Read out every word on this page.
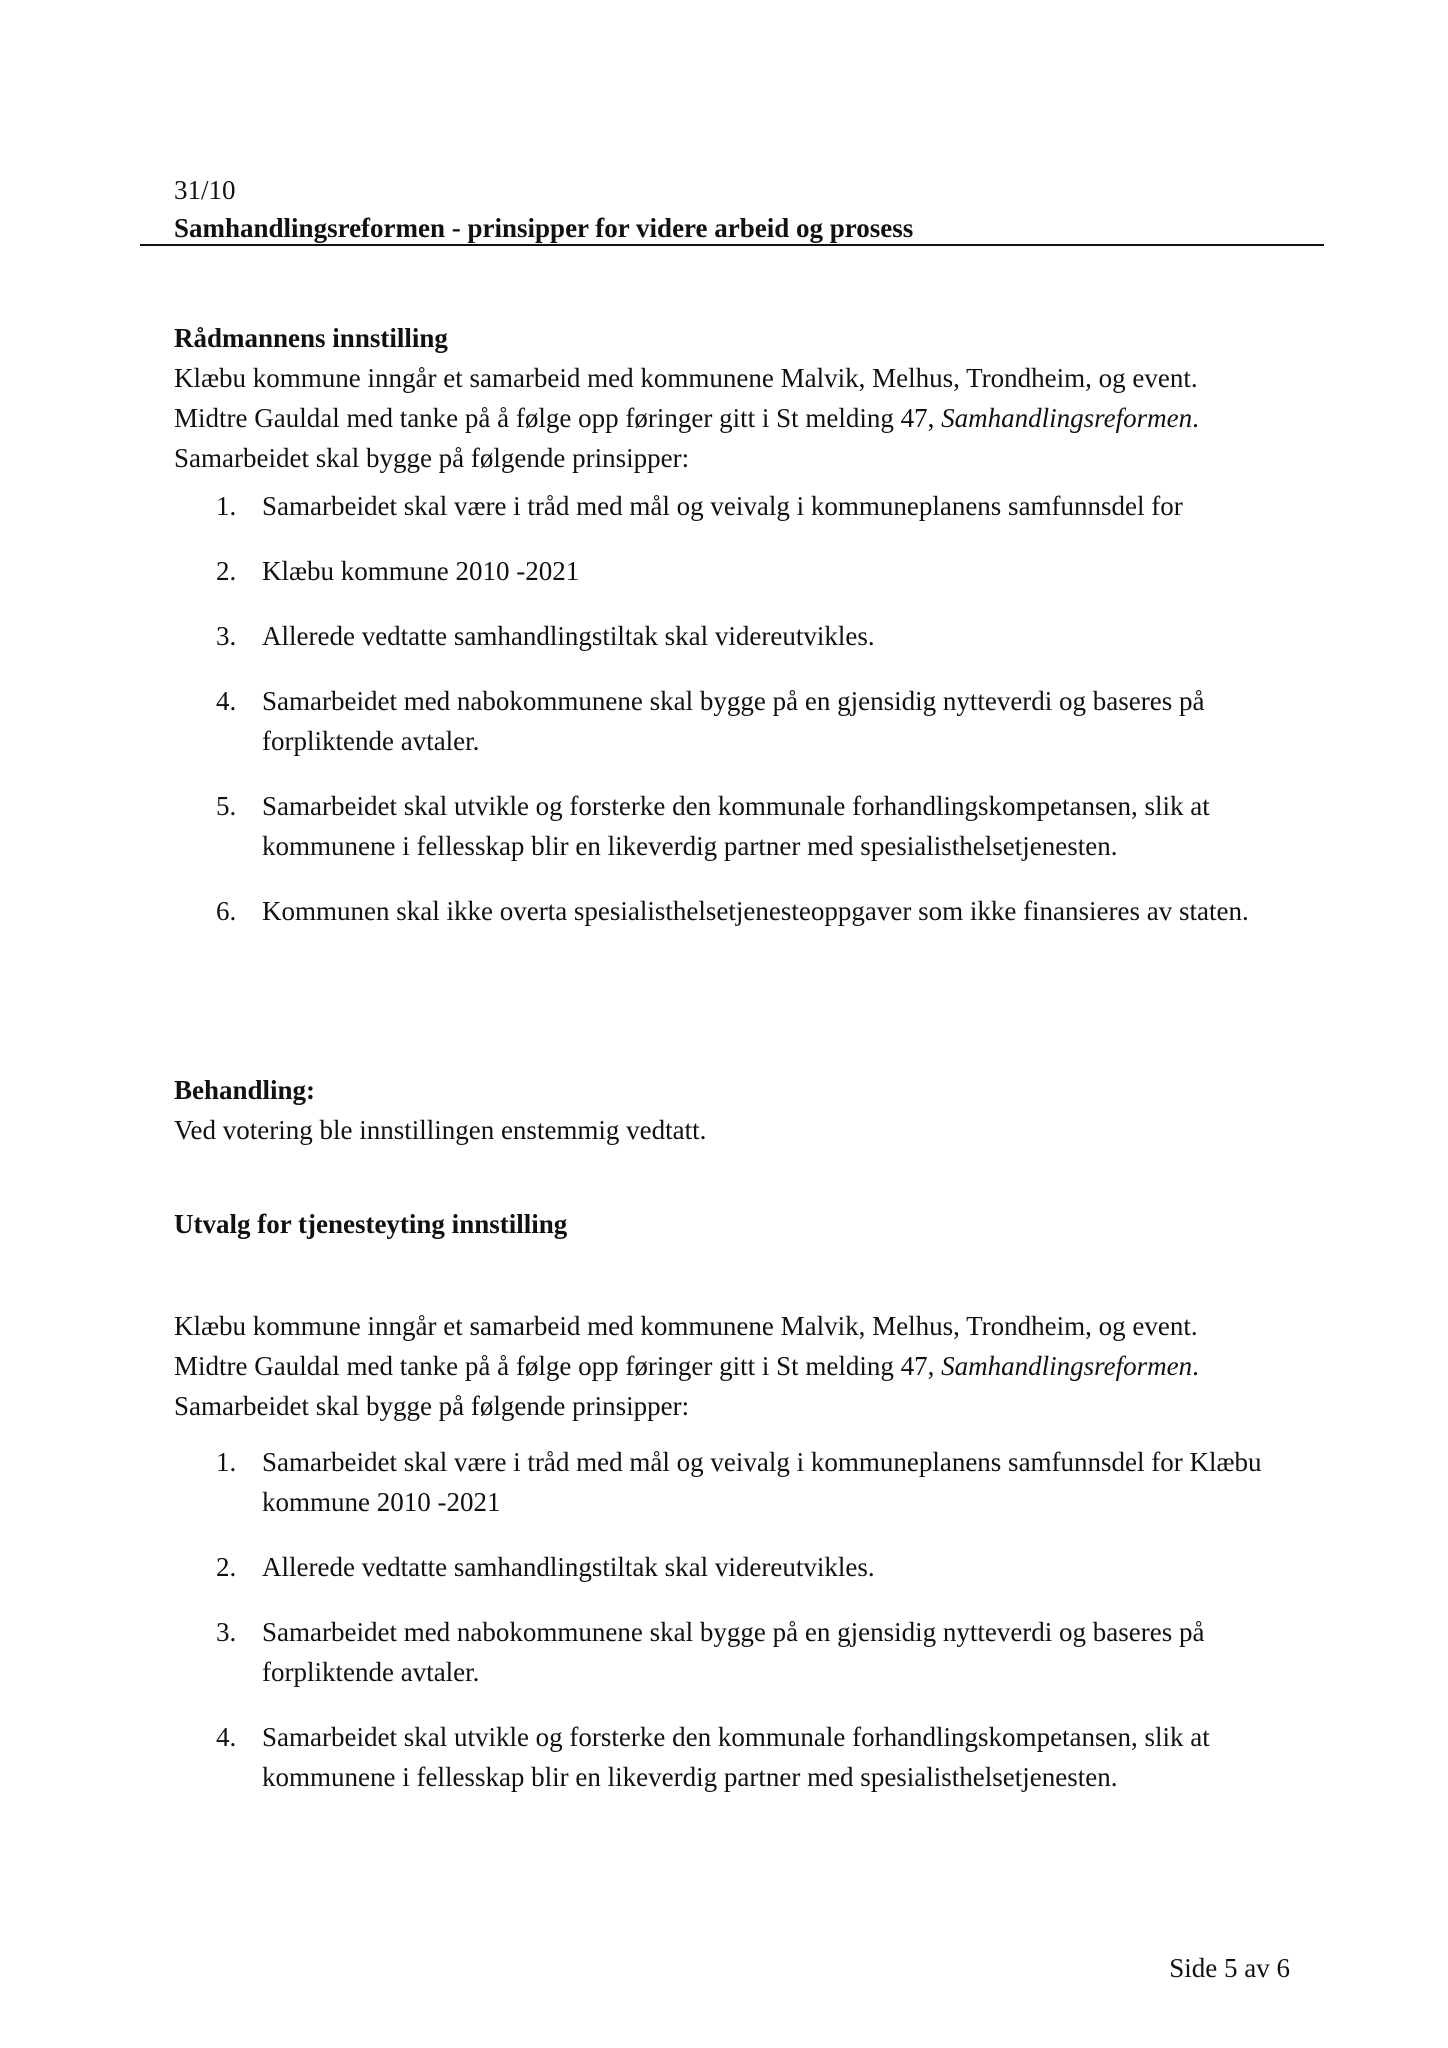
31/10
Samhandlingsreformen - prinsipper for videre arbeid og prosess
Rådmannens innstilling

Klæbu kommune inngår et samarbeid med kommunene Malvik, Melhus, Trondheim, og event.

Midtre Gauldal med tanke på å følge opp føringer gitt i St melding 47, Samhandlingsreformen.

Samarbeidet skal bygge på følgende prinsipper:

1. Samarbeidet skal være i tråd med mål og veivalg i kommuneplanens samfunnsdel for
2. Klæbu kommune 2010 -2021
3. Allerede vedtatte samhandlingstiltak skal videreutvikles.
4. Samarbeidet med nabokommunene skal bygge på en gjensidig nytteverdi og baseres på forpliktende avtaler.
5. Samarbeidet skal utvikle og forsterke den kommunale forhandlingskompetansen, slik at kommunene i fellesskap blir en likeverdig partner med spesialisthelsetjenesten.
6. Kommunen skal ikke overta spesialisthelsetjenesteoppgaver som ikke finansieres av staten.
Behandling:

Ved votering ble innstillingen enstemmig vedtatt.

Utvalg for tjenesteyting innstilling

Klæbu kommune inngår et samarbeid med kommunene Malvik, Melhus, Trondheim, og event.

Midtre Gauldal med tanke på å følge opp føringer gitt i St melding 47, Samhandlingsreformen.

Samarbeidet skal bygge på følgende prinsipper:

1. Samarbeidet skal være i tråd med mål og veivalg i kommuneplanens samfunnsdel for Klæbu kommune 2010 -2021
2. Allerede vedtatte samhandlingstiltak skal videreutvikles.
3. Samarbeidet med nabokommunene skal bygge på en gjensidig nytteverdi og baseres på forpliktende avtaler.
4. Samarbeidet skal utvikle og forsterke den kommunale forhandlingskompetansen, slik at kommunene i fellesskap blir en likeverdig partner med spesialisthelsetjenesten.
Side 5 av 6
